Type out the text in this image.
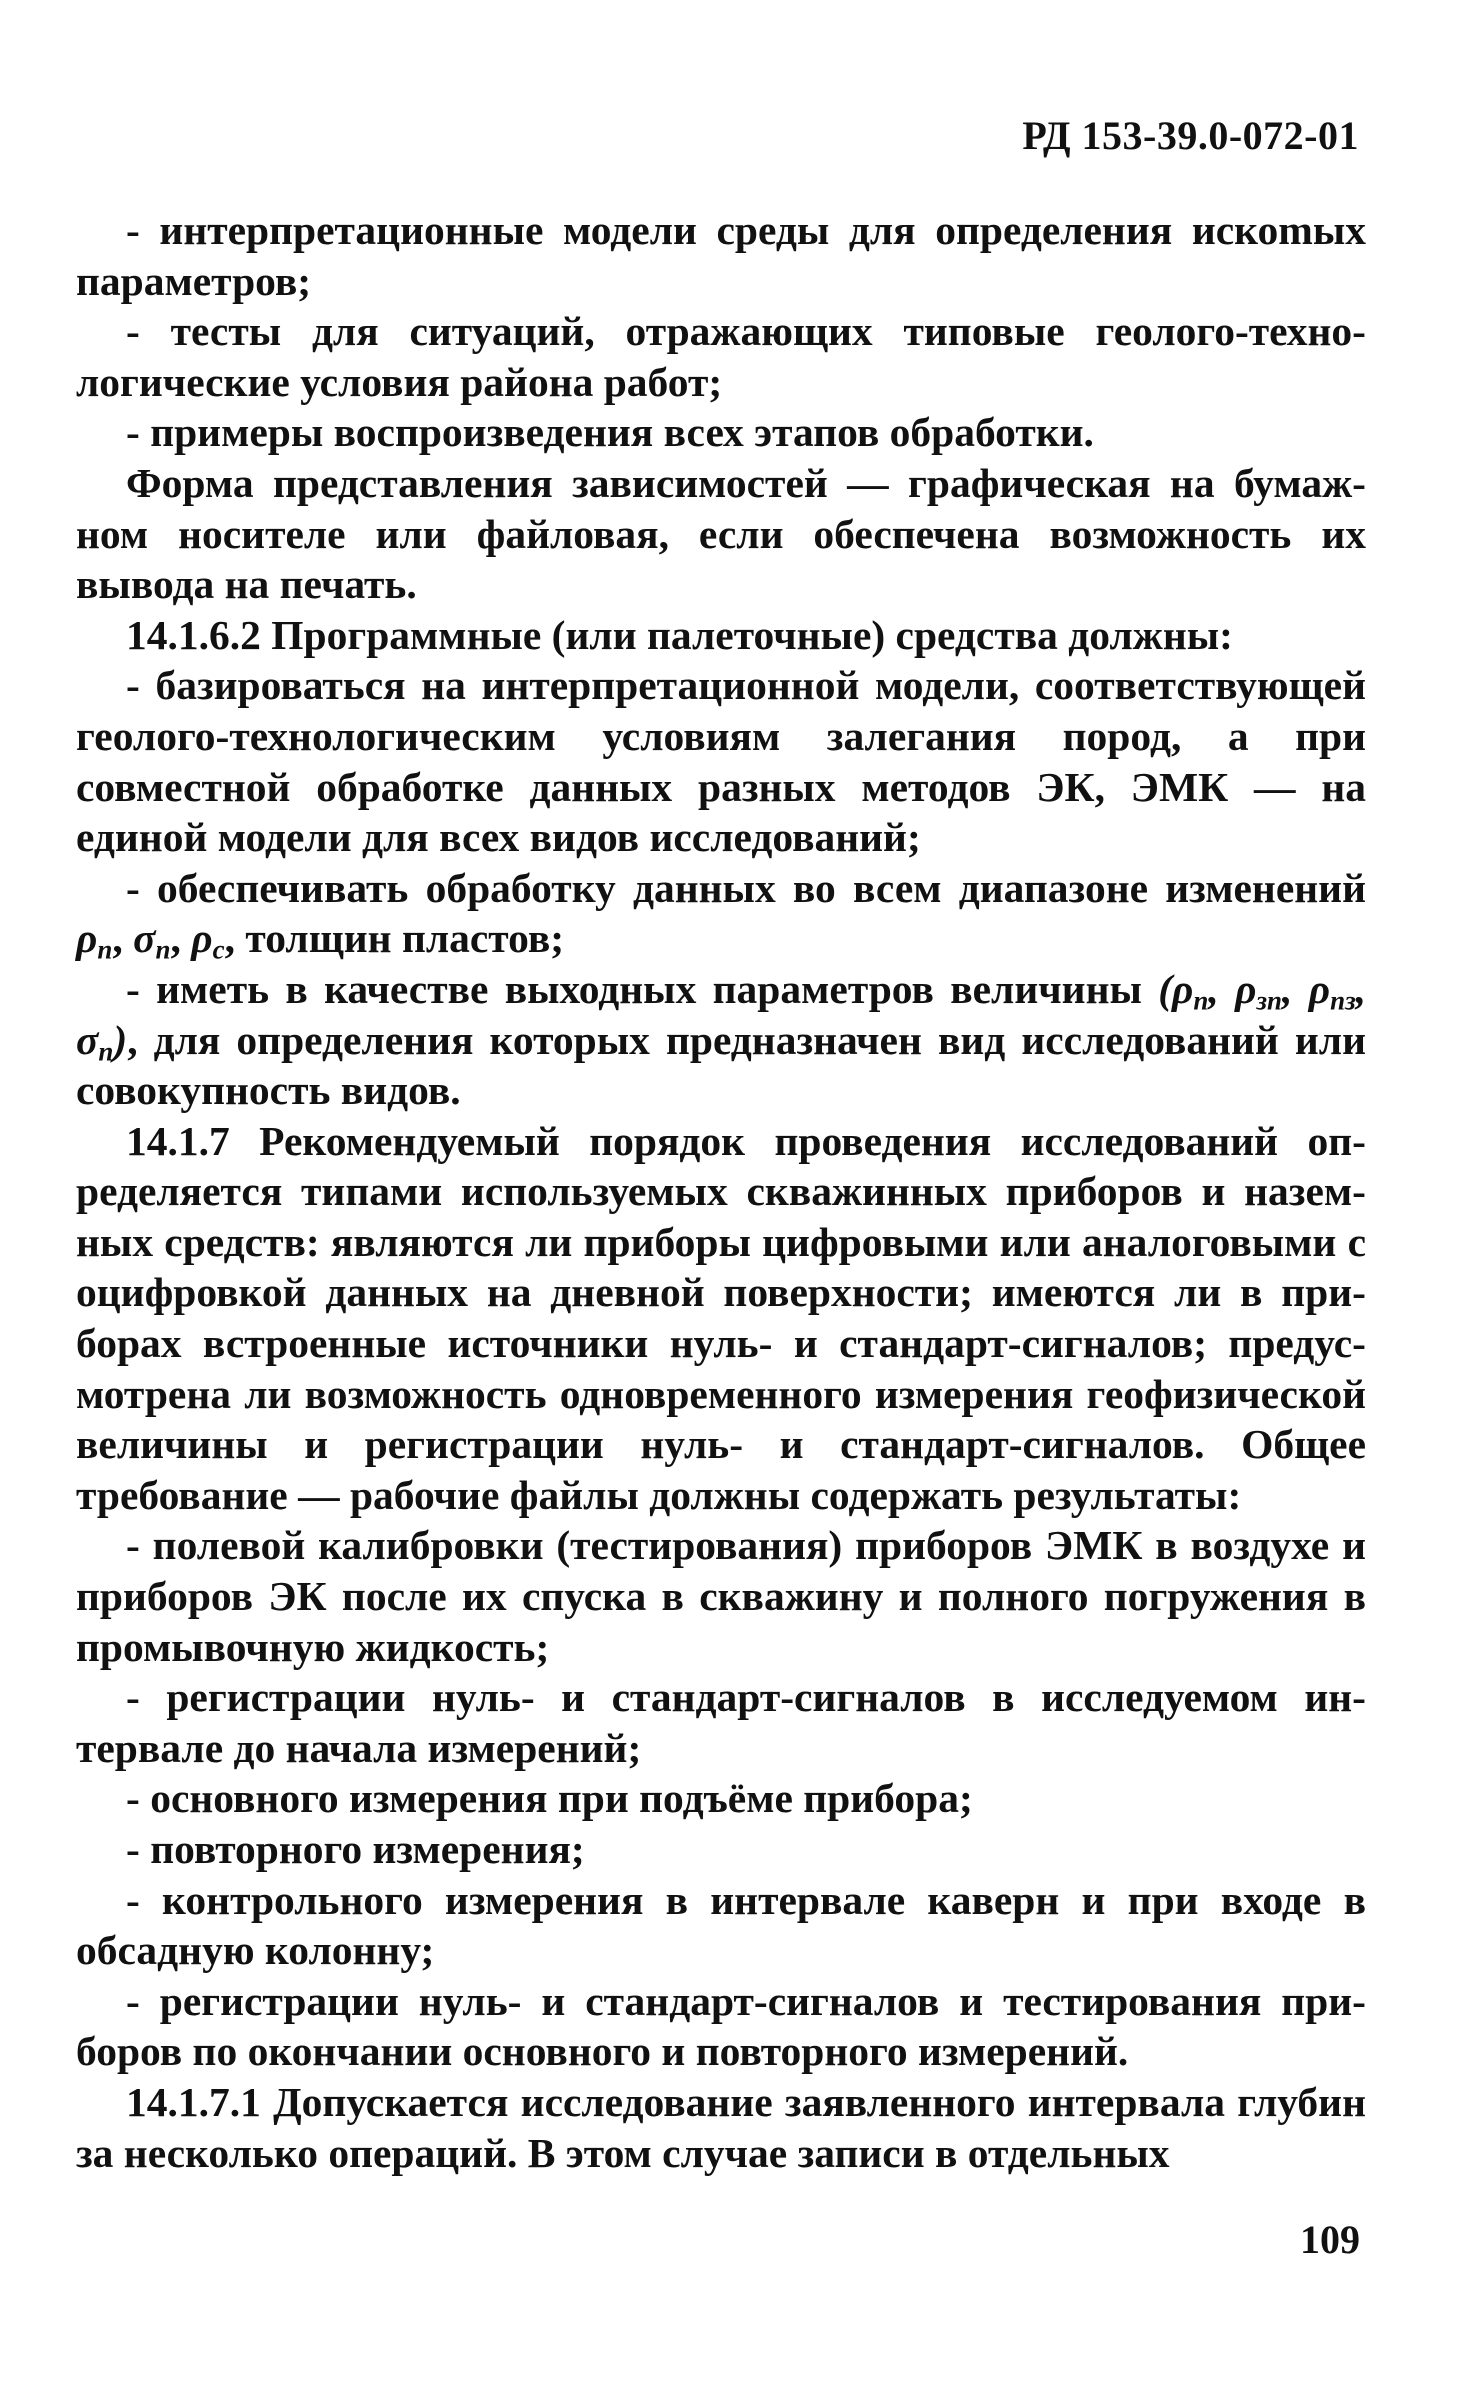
РД 153-39.0-072-01

- интерпретационные модели среды для определения искоmых параметров;

- тесты для ситуаций, отражающих типовые геолого-технологические условия района работ;

- примеры воспроизведения всех этапов обработки.

Форма представления зависимостей — графическая на бумажном носителе или файловая, если обеспечена возможность их вывода на печать.

14.1.6.2 Программные (или палеточные) средства должны:

- базироваться на интерпретационной модели, соответствующей геолого-технологическим условиям залегания пород, а при совместной обработке данных разных методов ЭК, ЭМК — на единой модели для всех видов исследований;

- обеспечивать обработку данных во всем диапазоне изменений $\rho_п$, $\sigma_п$, $\rho_с$, толщин пластов;

- иметь в качестве выходных параметров величины ($\rho_п$, $\rho_{зп}$, $\rho_{пз}$, $\sigma_п$), для определения которых предназначен вид исследований или совокупность видов.

14.1.7 Рекомендуемый порядок проведения исследований определяется типами используемых скважинных приборов и наземных средств: являются ли приборы цифровыми или аналоговыми с оцифровкой данных на дневной поверхности; имеются ли в приборах встроенные источники нуль- и стандарт-сигналов; предусмотрена ли возможность одновременного измерения геофизической величины и регистрации нуль- и стандарт-сигналов. Общее требование — рабочие файлы должны содержать результаты:

- полевой калибровки (тестирования) приборов ЭМК в воздухе и приборов ЭК после их спуска в скважину и полного погружения в промывочную жидкость;

- регистрации нуль- и стандарт-сигналов в исследуемом интервале до начала измерений;

- основного измерения при подъёме прибора;

- повторного измерения;

- контрольного измерения в интервале каверн и при входе в обсадную колонну;

- регистрации нуль- и стандарт-сигналов и тестирования приборов по окончании основного и повторного измерений.

14.1.7.1 Допускается исследование заявленного интервала глубин за несколько операций. В этом случае записи в отдельных

109
